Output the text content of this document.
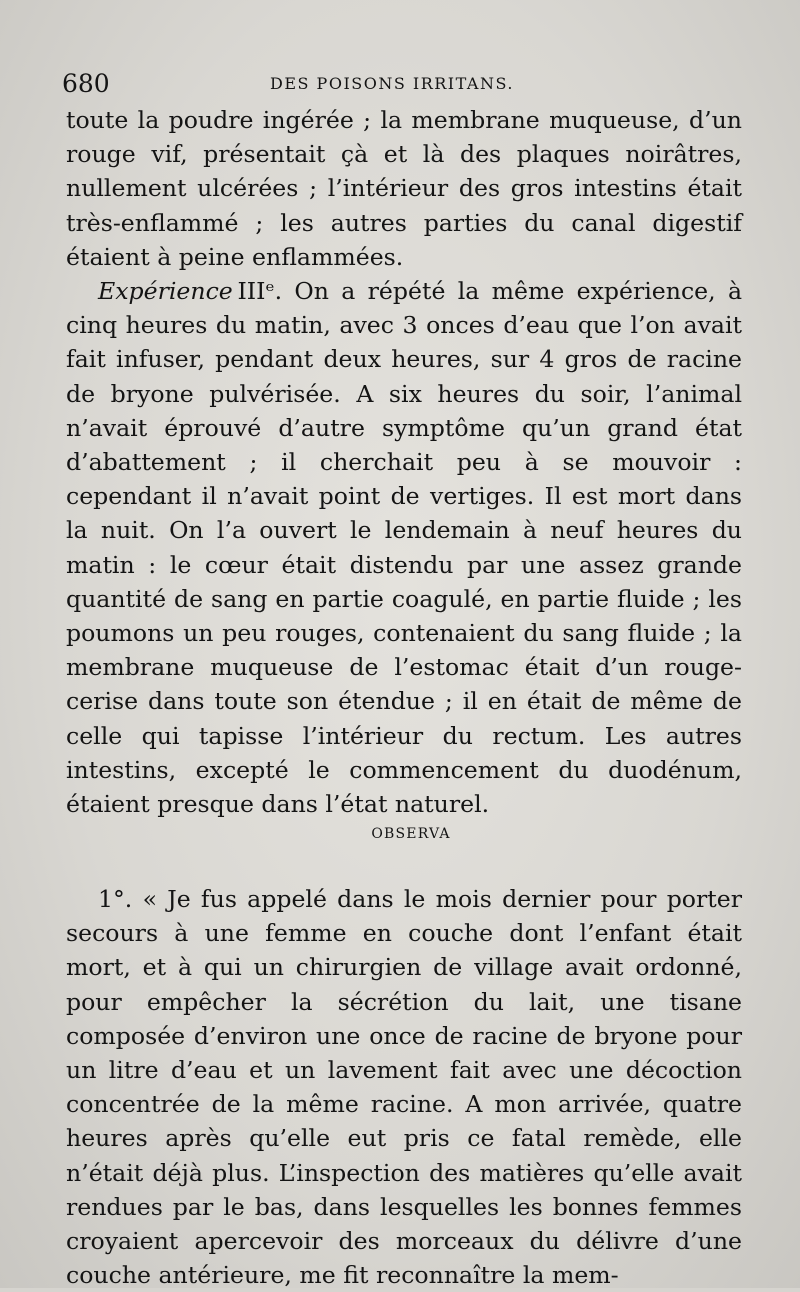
680	DES POISONS IRRITANS.

toute la poudre ingérée ; la membrane muqueuse, d’un rouge vif, présentait çà et là des plaques noirâtres, nullement ulcérées ; l’intérieur des gros intestins était très-enflammé ; les autres parties du canal digestif étaient à peine enflammées.

Expérience  IIIᵉ. On a répété la même expérience, à cinq heures du matin, avec 3 onces d’eau que l’on avait fait infuser, pendant deux heures, sur 4 gros de racine de bryone pulvérisée. A six heures du soir, l’animal n’avait éprouvé d’autre symptôme qu’un grand état d’abattement ; il cherchait peu à se mouvoir : cependant il n’avait point de vertiges. Il est mort dans la nuit. On l’a ouvert le lendemain à neuf heures du matin : le cœur était distendu par une assez grande quantité de sang en partie coagulé, en partie fluide ; les poumons un peu rouges, contenaient du sang fluide ; la membrane muqueuse de l’estomac était d’un rouge-cerise dans toute son étendue ; il en était de même de celle qui tapisse l’intérieur du rectum. Les autres intestins, excepté le commencement du duodénum, étaient presque dans l’état naturel.

OBSERVA

1°. « Je fus appelé dans le mois dernier pour porter secours à une femme en couche dont l’enfant était mort, et à qui un chirurgien de village avait ordonné, pour empêcher la sécrétion du lait, une tisane composée d’environ une once de racine de bryone pour un litre d’eau et un lavement fait avec une décoction concentrée de la même racine. A mon arrivée, quatre heures après qu’elle eut pris ce fatal remède, elle n’était déjà plus. L’inspection des matières qu’elle avait rendues par le bas, dans lesquelles les bonnes femmes croyaient apercevoir des morceaux du délivre d’une couche antérieure, me fit reconnaître la mem-
